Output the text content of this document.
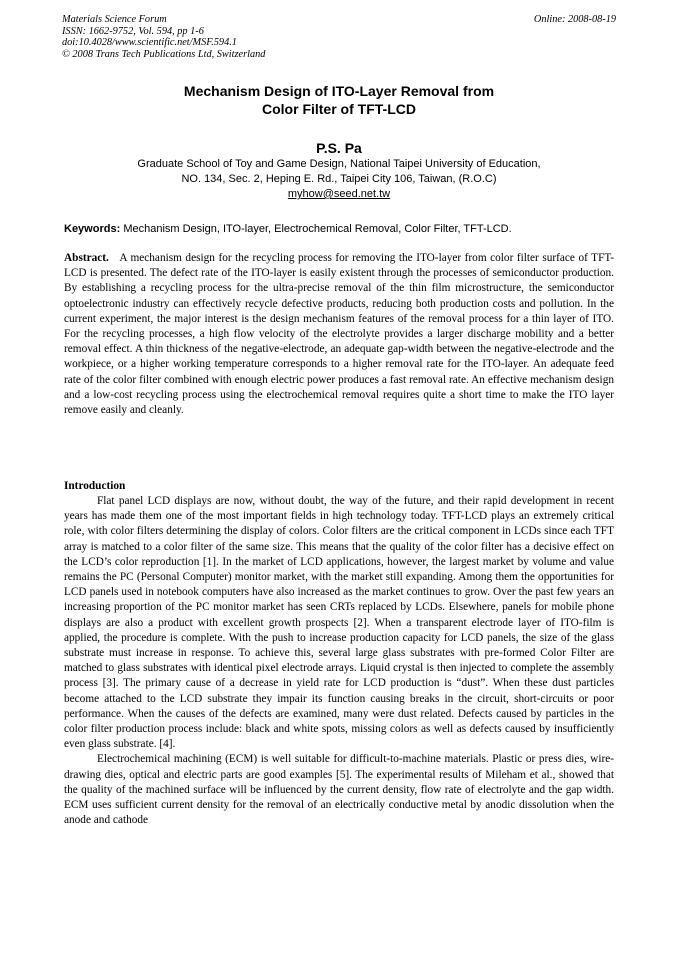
Materials Science Forum
ISSN: 1662-9752, Vol. 594, pp 1-6
doi:10.4028/www.scientific.net/MSF.594.1
© 2008 Trans Tech Publications Ltd, Switzerland
Online: 2008-08-19
Mechanism Design of ITO-Layer Removal from
Color Filter of TFT-LCD
P.S. Pa
Graduate School of Toy and Game Design, National Taipei University of Education,
NO. 134, Sec. 2, Heping E. Rd., Taipei City 106, Taiwan, (R.O.C)
myhow@seed.net.tw
Keywords: Mechanism Design, ITO-layer, Electrochemical Removal, Color Filter, TFT-LCD.

Abstract. A mechanism design for the recycling process for removing the ITO-layer from color filter surface of TFT-LCD is presented. The defect rate of the ITO-layer is easily existent through the processes of semiconductor production. By establishing a recycling process for the ultra-precise removal of the thin film microstructure, the semiconductor optoelectronic industry can effectively recycle defective products, reducing both production costs and pollution. In the current experiment, the major interest is the design mechanism features of the removal process for a thin layer of ITO. For the recycling processes, a high flow velocity of the electrolyte provides a larger discharge mobility and a better removal effect. A thin thickness of the negative-electrode, an adequate gap-width between the negative-electrode and the workpiece, or a higher working temperature corresponds to a higher removal rate for the ITO-layer. An adequate feed rate of the color filter combined with enough electric power produces a fast removal rate. An effective mechanism design and a low-cost recycling process using the electrochemical removal requires quite a short time to make the ITO layer remove easily and cleanly.

Introduction

Flat panel LCD displays are now, without doubt, the way of the future, and their rapid development in recent years has made them one of the most important fields in high technology today. TFT-LCD plays an extremely critical role, with color filters determining the display of colors. Color filters are the critical component in LCDs since each TFT array is matched to a color filter of the same size. This means that the quality of the color filter has a decisive effect on the LCD’s color reproduction [1]. In the market of LCD applications, however, the largest market by volume and value remains the PC (Personal Computer) monitor market, with the market still expanding. Among them the opportunities for LCD panels used in notebook computers have also increased as the market continues to grow. Over the past few years an increasing proportion of the PC monitor market has seen CRTs replaced by LCDs. Elsewhere, panels for mobile phone displays are also a product with excellent growth prospects [2]. When a transparent electrode layer of ITO-film is applied, the procedure is complete. With the push to increase production capacity for LCD panels, the size of the glass substrate must increase in response. To achieve this, several large glass substrates with pre-formed Color Filter are matched to glass substrates with identical pixel electrode arrays. Liquid crystal is then injected to complete the assembly process [3]. The primary cause of a decrease in yield rate for LCD production is “dust”. When these dust particles become attached to the LCD substrate they impair its function causing breaks in the circuit, short-circuits or poor performance. When the causes of the defects are examined, many were dust related. Defects caused by particles in the color filter production process include: black and white spots, missing colors as well as defects caused by insufficiently even glass substrate. [4].

Electrochemical machining (ECM) is well suitable for difficult-to-machine materials. Plastic or press dies, wire-drawing dies, optical and electric parts are good examples [5]. The experimental results of Mileham et al., showed that the quality of the machined surface will be influenced by the current density, flow rate of electrolyte and the gap width. ECM uses sufficient current density for the removal of an electrically conductive metal by anodic dissolution when the anode and cathode
